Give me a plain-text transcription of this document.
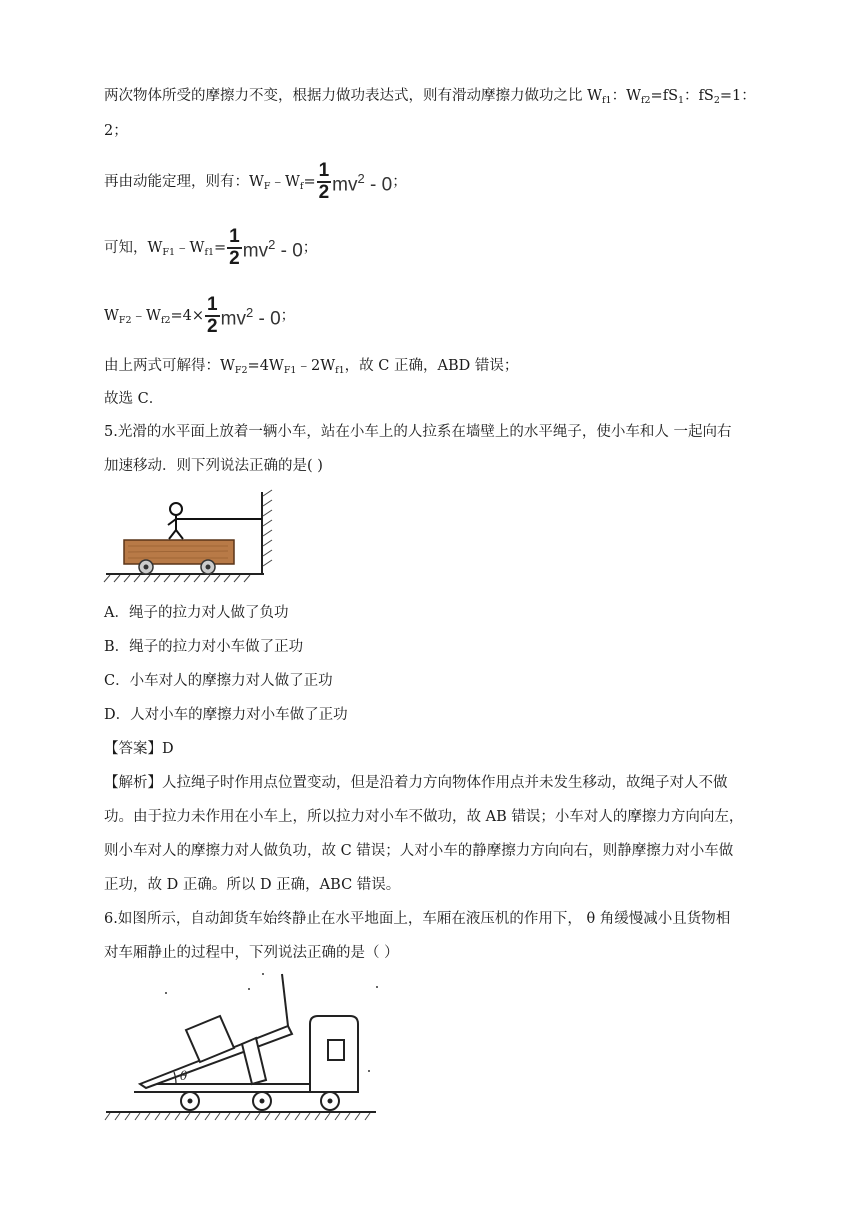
两次物体所受的摩擦力不变，根据力做功表达式，则有滑动摩擦力做功之比 $W_{f1}$：$W_{f2}=fS_1$：$fS_2=1$：
2；
再由动能定理，则有：$W_F﹣W_f= \frac{1}{2} mv^2 - 0$；
可知，$W_{F1}﹣W_{f1}= \frac{1}{2} mv^2 - 0$；
$W_{F2}﹣W_{f2}=4\times \frac{1}{2} mv^2 - 0$；
由上两式可解得：$W_{F2}=4W_{F1}﹣2W_{f1}$，故 C 正确，ABD 错误；
故选 C．
5.光滑的水平面上放着一辆小车，站在小车上的人拉系在墙壁上的水平绳子，使小车和人 一起向右
加速移动．则下列说法正确的是( )
A．绳子的拉力对人做了负功
B．绳子的拉力对小车做了正功
C．小车对人的摩擦力对人做了正功
D．人对小车的摩擦力对小车做了正功
【答案】D
【解析】人拉绳子时作用点位置变动，但是沿着力方向物体作用点并未发生移动，故绳子对人不做
功。由于拉力未作用在小车上，所以拉力对小车不做功，故 AB 错误；小车对人的摩擦力方向向左，
则小车对人的摩擦力对人做负功，故 C 错误；人对小车的静摩擦力方向向右，则静摩擦力对小车做
正功，故 D 正确。所以 D 正确，ABC 错误。
6.如图所示，自动卸货车始终静止在水平地面上，车厢在液压机的作用下， θ 角缓慢减小且货物相
对车厢静止的过程中，下列说法正确的是（ ）
θ
